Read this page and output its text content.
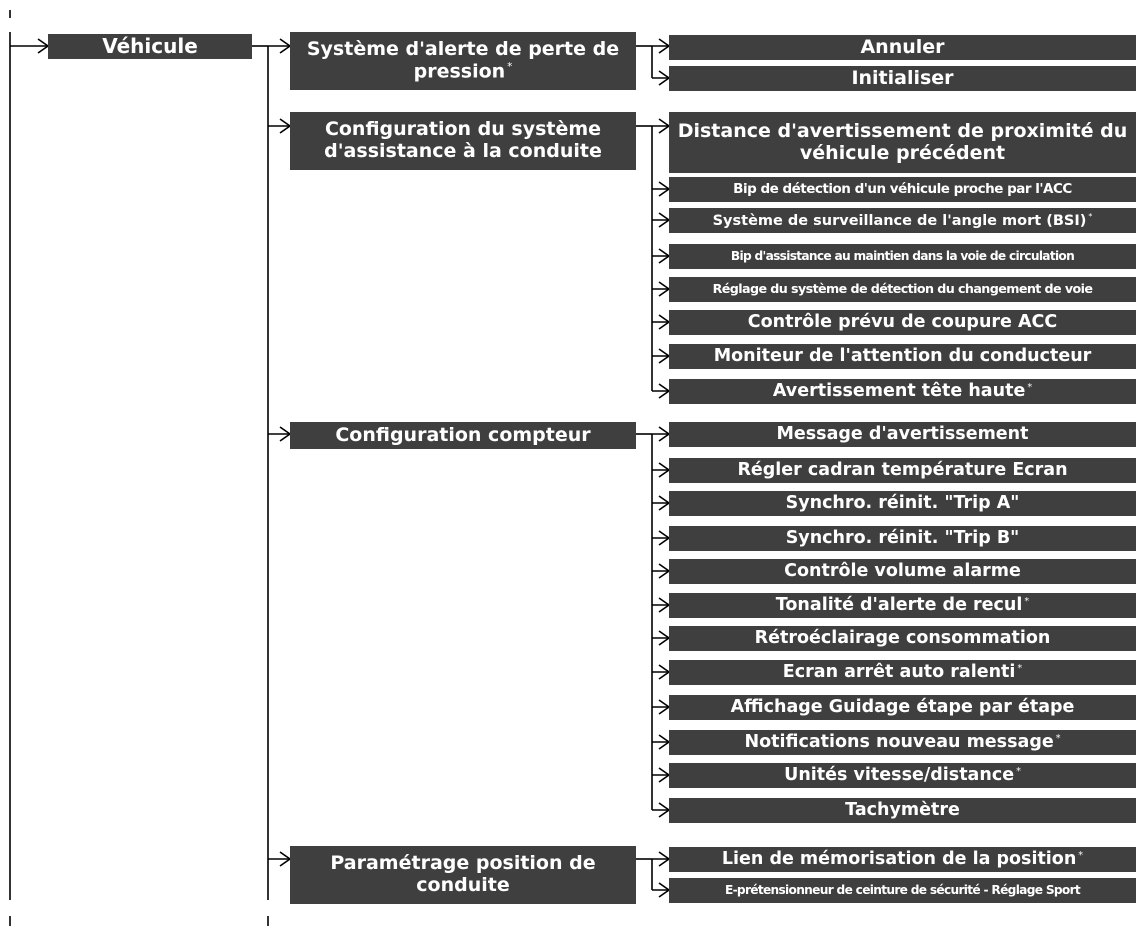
Véhicule	Système d'alerte de perte de pression *
Configuration du système d'assistance à la conduite
Configuration compteur
Paramétrage position de conduite
Annuler
Initialiser
Distance d'avertissement de proximité du véhicule précédent
Bip de détection d'un véhicule proche par l'ACC
Système de surveillance de l'angle mort (BSI) *
Bip d'assistance au maintien dans la voie de circulation
Réglage du système de détection du changement de voie
Contrôle prévu de coupure ACC
Moniteur de l'attention du conducteur
Avertissement tête haute *
Message d'avertissement
Régler cadran température Ecran
Synchro. réinit. "Trip A"
Synchro. réinit. "Trip B"
Contrôle volume alarme
Tonalité d'alerte de recul *
Rétroéclairage consommation
Ecran arrêt auto ralenti *
Affichage Guidage étape par étape
Notifications nouveau message *
Unités vitesse/distance *
Tachymètre
Lien de mémorisation de la position *
E-prétensionneur de ceinture de sécurité - Réglage Sport
